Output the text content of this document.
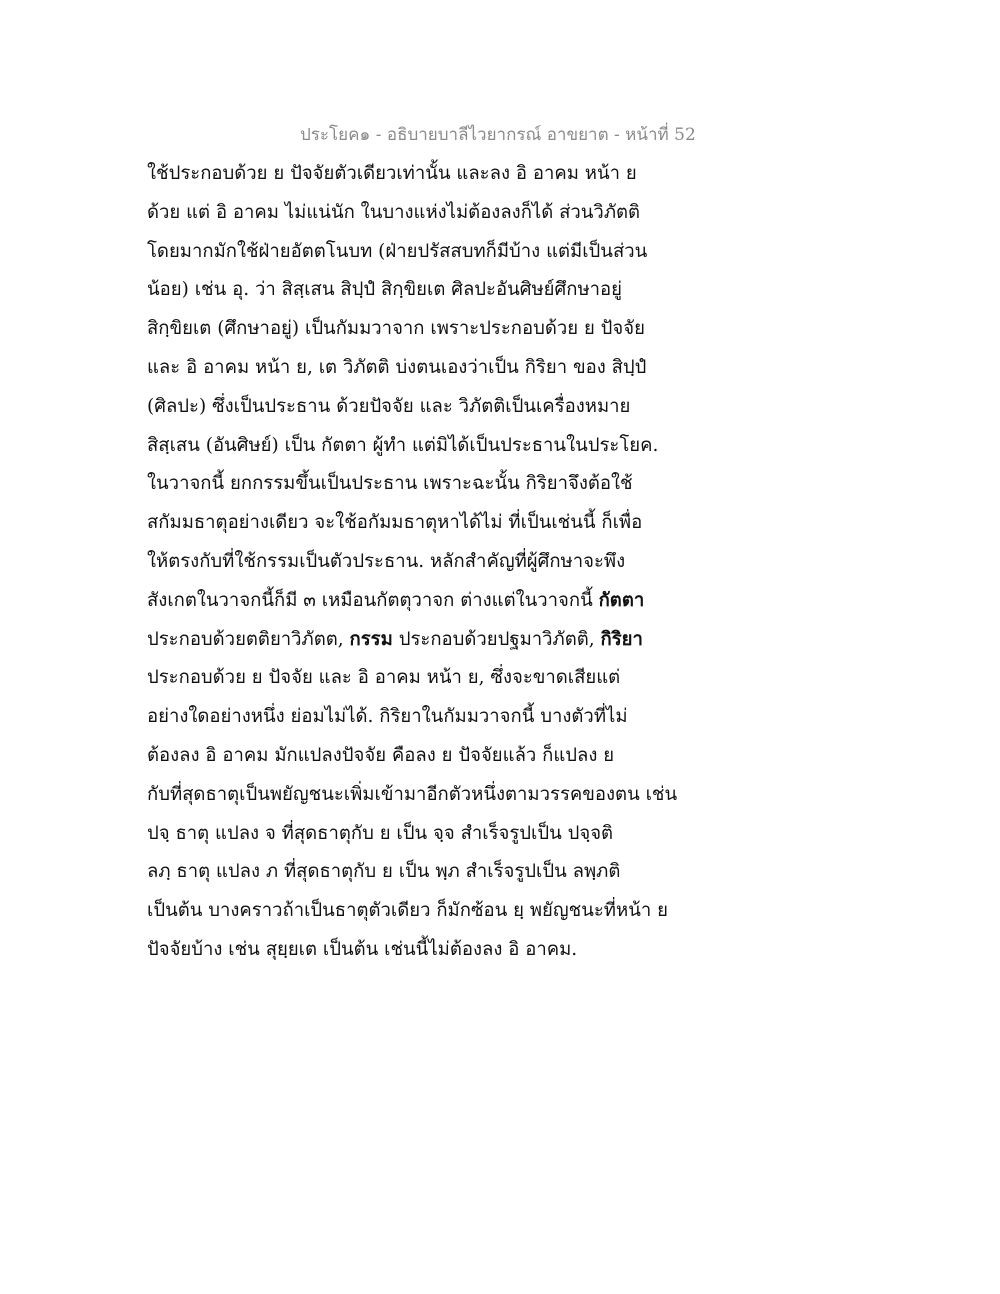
ประโยค๑ - อธิบายบาลีไวยากรณ์ อาขยาต - หน้าที่ 52
ใช้ประกอบด้วย ย ปัจจัยตัวเดียวเท่านั้น และลง อิ อาคม หน้า ย
ด้วย แต่ อิ อาคม ไม่แน่นัก ในบางแห่งไม่ต้องลงก็ได้ ส่วนวิภัตติ
โดยมากมักใช้ฝ่ายอัตตโนบท (ฝ่ายปรัสสบทก็มีบ้าง แต่มีเป็นส่วน
น้อย) เช่น อุ. ว่า สิสฺเสน สิปฺปํ สิกฺขิยเต ศิลปะอันศิษย์ศึกษาอยู่
สิกฺขิยเต (ศึกษาอยู่) เป็นกัมมวาจาก เพราะประกอบด้วย ย ปัจจัย
และ อิ อาคม หน้า ย, เต วิภัตติ บ่งตนเองว่าเป็น กิริยา ของ สิปฺปํ
(ศิลปะ) ซึ่งเป็นประธาน ด้วยปัจจัย และ วิภัตติเป็นเครื่องหมาย
สิสฺเสน (อันศิษย์) เป็น กัตตา ผู้ทำ แต่มิได้เป็นประธานในประโยค.
ในวาจกนี้ ยกกรรมขึ้นเป็นประธาน เพราะฉะนั้น กิริยาจึงต้อใช้
สกัมมธาตุอย่างเดียว จะใช้อกัมมธาตุหาได้ไม่ ที่เป็นเช่นนี้ ก็เพื่อ
ให้ตรงกับที่ใช้กรรมเป็นตัวประธาน. หลักสำคัญที่ผู้ศึกษาจะพึง
สังเกตในวาจกนี้ก็มี ๓ เหมือนกัตตุวาจก ต่างแต่ในวาจกนี้ กัตตา
ประกอบด้วยตติยาวิภัตต, กรรม ประกอบด้วยปฐมาวิภัตติ, กิริยา
ประกอบด้วย ย ปัจจัย และ อิ อาคม หน้า ย, ซึ่งจะขาดเสียแต่
อย่างใดอย่างหนึ่ง ย่อมไม่ได้. กิริยาในกัมมวาจกนี้ บางตัวที่ไม่
ต้องลง อิ อาคม มักแปลงปัจจัย คือลง ย ปัจจัยแล้ว ก็แปลง ย
กับที่สุดธาตุเป็นพยัญชนะเพิ่มเข้ามาอีกตัวหนึ่งตามวรรคของตน เช่น
ปจฺ ธาตุ แปลง จ ที่สุดธาตุกับ ย เป็น จฺจ สำเร็จรูปเป็น ปจฺจติ
ลภฺ ธาตุ แปลง ภ ที่สุดธาตุกับ ย เป็น พฺภ สำเร็จรูปเป็น ลพฺภติ
เป็นต้น บางคราวถ้าเป็นธาตุตัวเดียว ก็มักซ้อน ยฺ พยัญชนะที่หน้า ย
ปัจจัยบ้าง เช่น สุยฺยเต เป็นต้น เช่นนี้ไม่ต้องลง อิ อาคม.
